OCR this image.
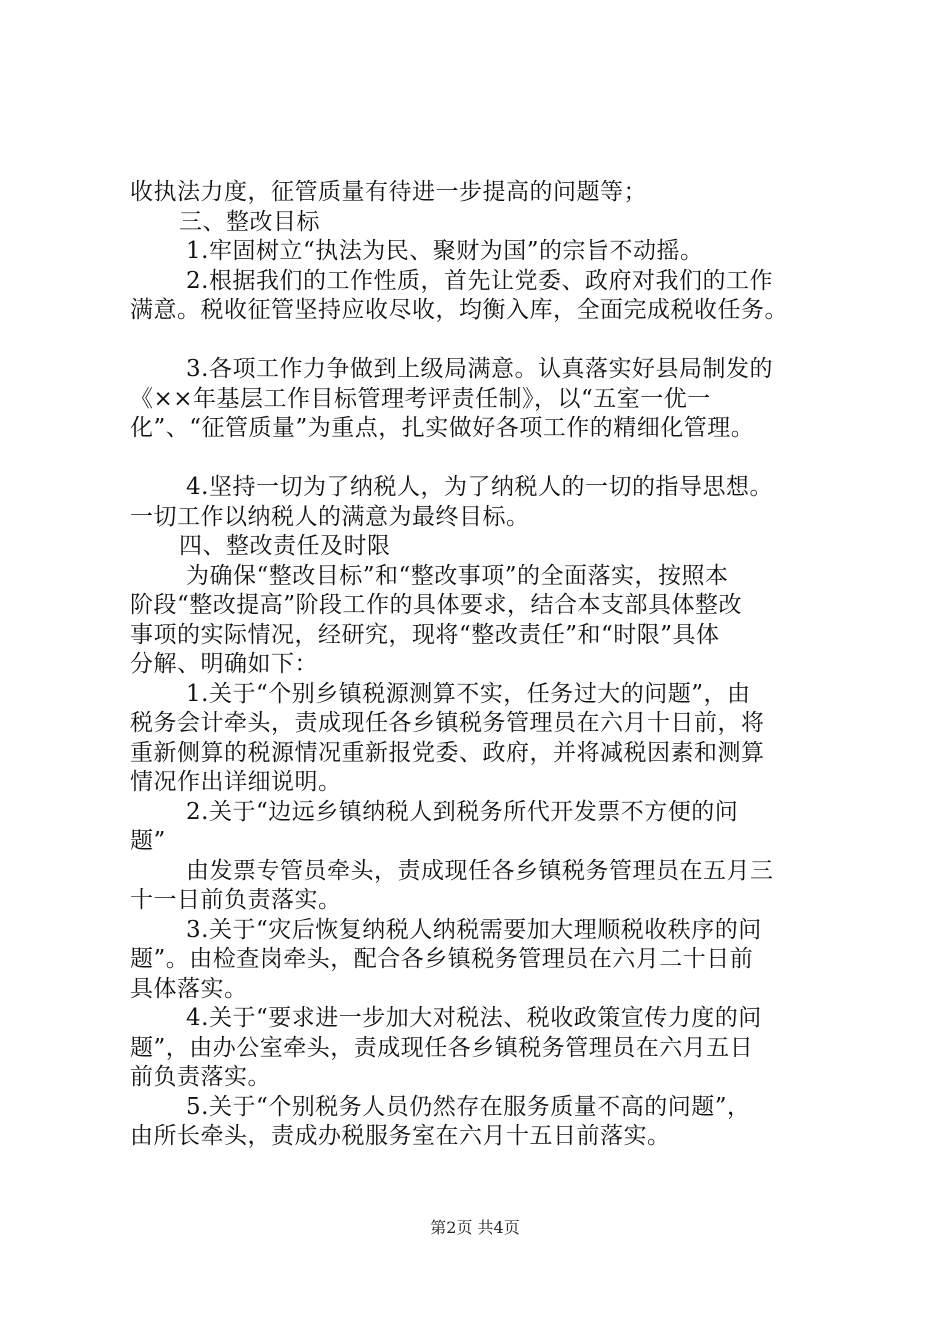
收执法力度，征管质量有待进一步提高的问题等；
三、整改目标
1.牢固树立“执法为民、聚财为国”的宗旨不动摇。
2.根据我们的工作性质，首先让党委、政府对我们的工作
满意。税收征管坚持应收尽收，均衡入库，全面完成税收任务。
3.各项工作力争做到上级局满意。认真落实好县局制发的
《××年基层工作目标管理考评责任制》，以“五室一优一
化”、“征管质量”为重点，扎实做好各项工作的精细化管理。
4.坚持一切为了纳税人，为了纳税人的一切的指导思想。
一切工作以纳税人的满意为最终目标。
四、整改责任及时限
为确保“整改目标”和“整改事项”的全面落实，按照本
阶段“整改提高”阶段工作的具体要求，结合本支部具体整改
事项的实际情况，经研究，现将“整改责任”和“时限”具体
分解、明确如下：
1.关于“个别乡镇税源测算不实，任务过大的问题”，由
税务会计牵头，责成现任各乡镇税务管理员在六月十日前，将
重新侧算的税源情况重新报党委、政府，并将减税因素和测算
情况作出详细说明。
2.关于“边远乡镇纳税人到税务所代开发票不方便的问
题”
由发票专管员牵头，责成现任各乡镇税务管理员在五月三
十一日前负责落实。
3.关于“灾后恢复纳税人纳税需要加大理顺税收秩序的问
题”。由检查岗牵头，配合各乡镇税务管理员在六月二十日前
具体落实。
4.关于“要求进一步加大对税法、税收政策宣传力度的问
题”，由办公室牵头，责成现任各乡镇税务管理员在六月五日
前负责落实。
5.关于“个别税务人员仍然存在服务质量不高的问题”，
由所长牵头，责成办税服务室在六月十五日前落实。
第2页 共4页
